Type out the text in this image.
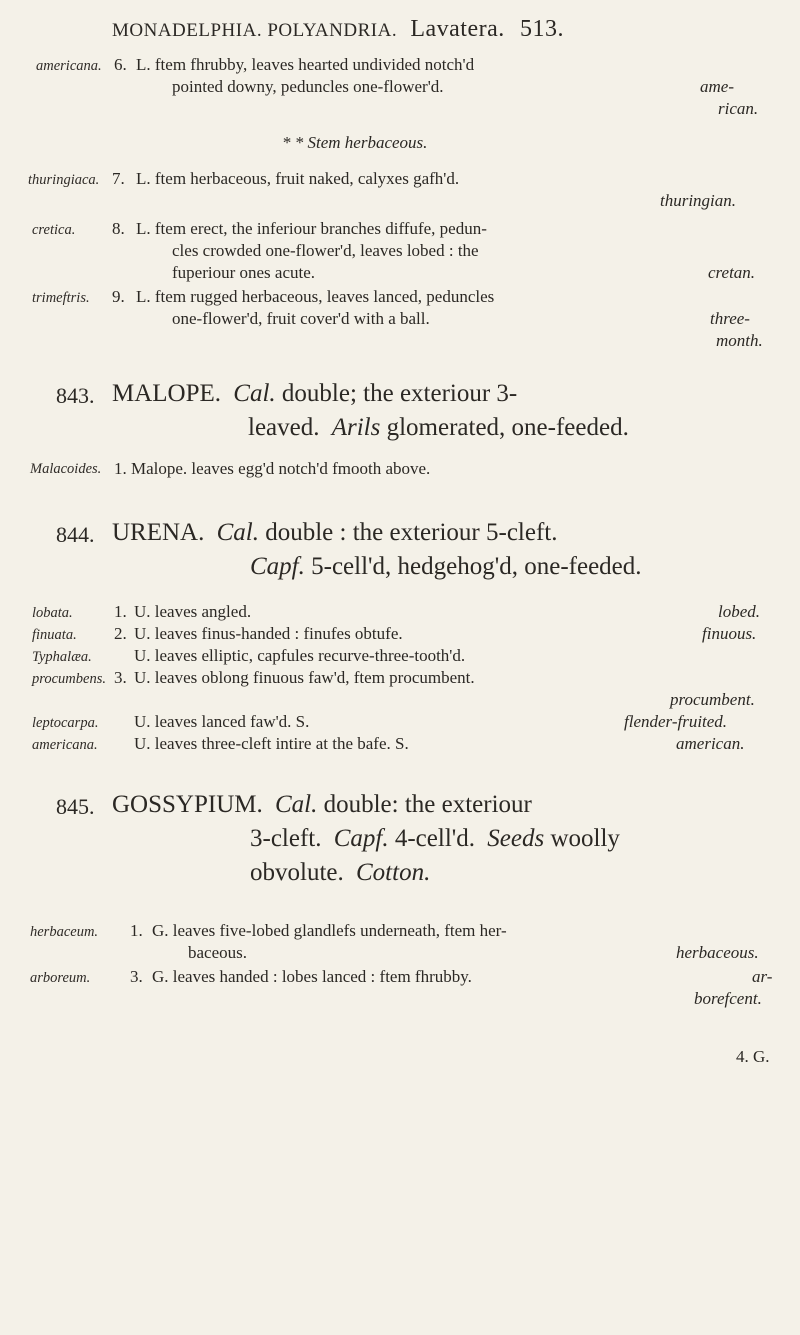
MONADELPHIA. POLYANDRIA. Lavatera. 513.
americana. 6. L. ftem fhrubby, leaves hearted undivided notch'd
pointed downy, peduncles one-flower'd.	ame-
rican.
* * Stem herbaceous.
thuringiaca. 7. L. ftem herbaceous, fruit naked, calyxes gafh'd.
thuringian.
cretica. 8. L. ftem erect, the inferiour branches diffufe, pedun-
cles crowded one-flower'd, leaves lobed : the
fuperiour ones acute.	cretan.
trimeftris. 9. L. ftem rugged herbaceous, leaves lanced, peduncles
one-flower'd, fruit cover'd with a ball.	three-
month.
843. MALOPE. Cal. double; the exteriour 3-
leaved. Arils glomerated, one-feeded.
Malacoides. 1. Malope. leaves egg'd notch'd fmooth above.
844. URENA. Cal. double : the exteriour 5-cleft.
Capf. 5-cell'd, hedgehog'd, one-feeded.
lobata. 1. U. leaves angled.	lobed.
finuata. 2. U. leaves finus-handed : finufes obtufe.	finuous.
Typhalæa. U. leaves elliptic, capfules recurve-three-tooth'd.
procumbens. 3. U. leaves oblong finuous faw'd, ftem procumbent.
procumbent.
leptocarpa. U. leaves lanced faw'd. S.	flender-fruited.
americana. U. leaves three-cleft intire at the bafe. S.	american.
845. GOSSYPIUM. Cal. double: the exteriour
3-cleft. Capf. 4-cell'd. Seeds woolly
obvolute. Cotton.
herbaceum. 1. G. leaves five-lobed glandlefs underneath, ftem her-
baceous.	herbaceous.
arboreum. 3. G. leaves handed : lobes lanced : ftem fhrubby.	ar-
borefcent.
4. G.
